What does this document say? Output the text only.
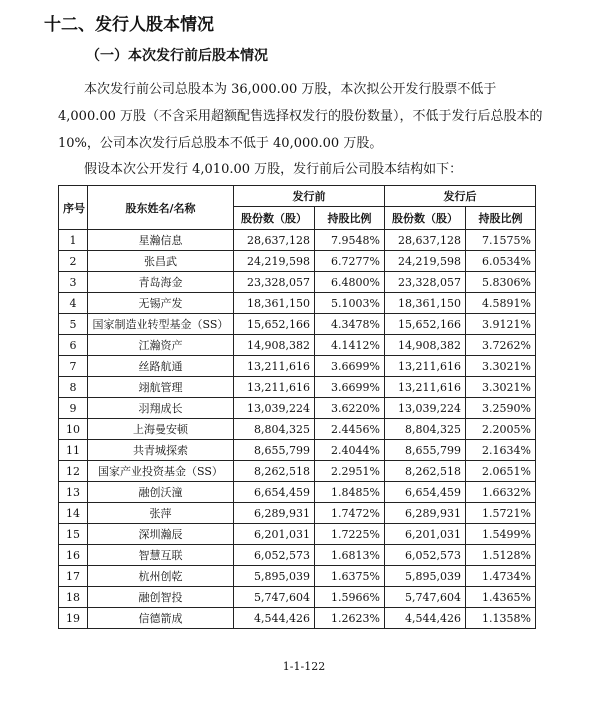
十二、发行人股本情况
（一）本次发行前后股本情况

本次发行前公司总股本为 36,000.00 万股，本次拟公开发行股票不低于 4,000.00 万股（不含采用超额配售选择权发行的股份数量），不低于发行后总股本的 10%，公司本次发行后总股本不低于 40,000.00 万股。

假设本次公开发行 4,010.00 万股，发行前后公司股本结构如下：
序号	股东姓名/名称	发行前		发行后	
		股份数（股）	持股比例	股份数（股）	持股比例
1	星瀚信息	28,637,128	7.9548%	28,637,128	7.1575%
2	张昌武	24,219,598	6.7277%	24,219,598	6.0534%
3	青岛海金	23,328,057	6.4800%	23,328,057	5.8306%
4	无锡产发	18,361,150	5.1003%	18,361,150	4.5891%
5	国家制造业转型基金（SS）	15,652,166	4.3478%	15,652,166	3.9121%
6	江瀚资产	14,908,382	4.1412%	14,908,382	3.7262%
7	丝路航通	13,211,616	3.6699%	13,211,616	3.3021%
8	翊航管理	13,211,616	3.6699%	13,211,616	3.3021%
9	羽翔成长	13,039,224	3.6220%	13,039,224	3.2590%
10	上海曼安顿	8,804,325	2.4456%	8,804,325	2.2005%
11	共青城探索	8,655,799	2.4044%	8,655,799	2.1634%
12	国家产业投资基金（SS）	8,262,518	2.2951%	8,262,518	2.0651%
13	融创沃潼	6,654,459	1.8485%	6,654,459	1.6632%
14	张萍	6,289,931	1.7472%	6,289,931	1.5721%
15	深圳瀚辰	6,201,031	1.7225%	6,201,031	1.5499%
16	智慧互联	6,052,573	1.6813%	6,052,573	1.5128%
17	杭州创乾	5,895,039	1.6375%	5,895,039	1.4734%
18	融创智投	5,747,604	1.5966%	5,747,604	1.4365%
19	信德箭成	4,544,426	1.2623%	4,544,426	1.1358%
1-1-122
